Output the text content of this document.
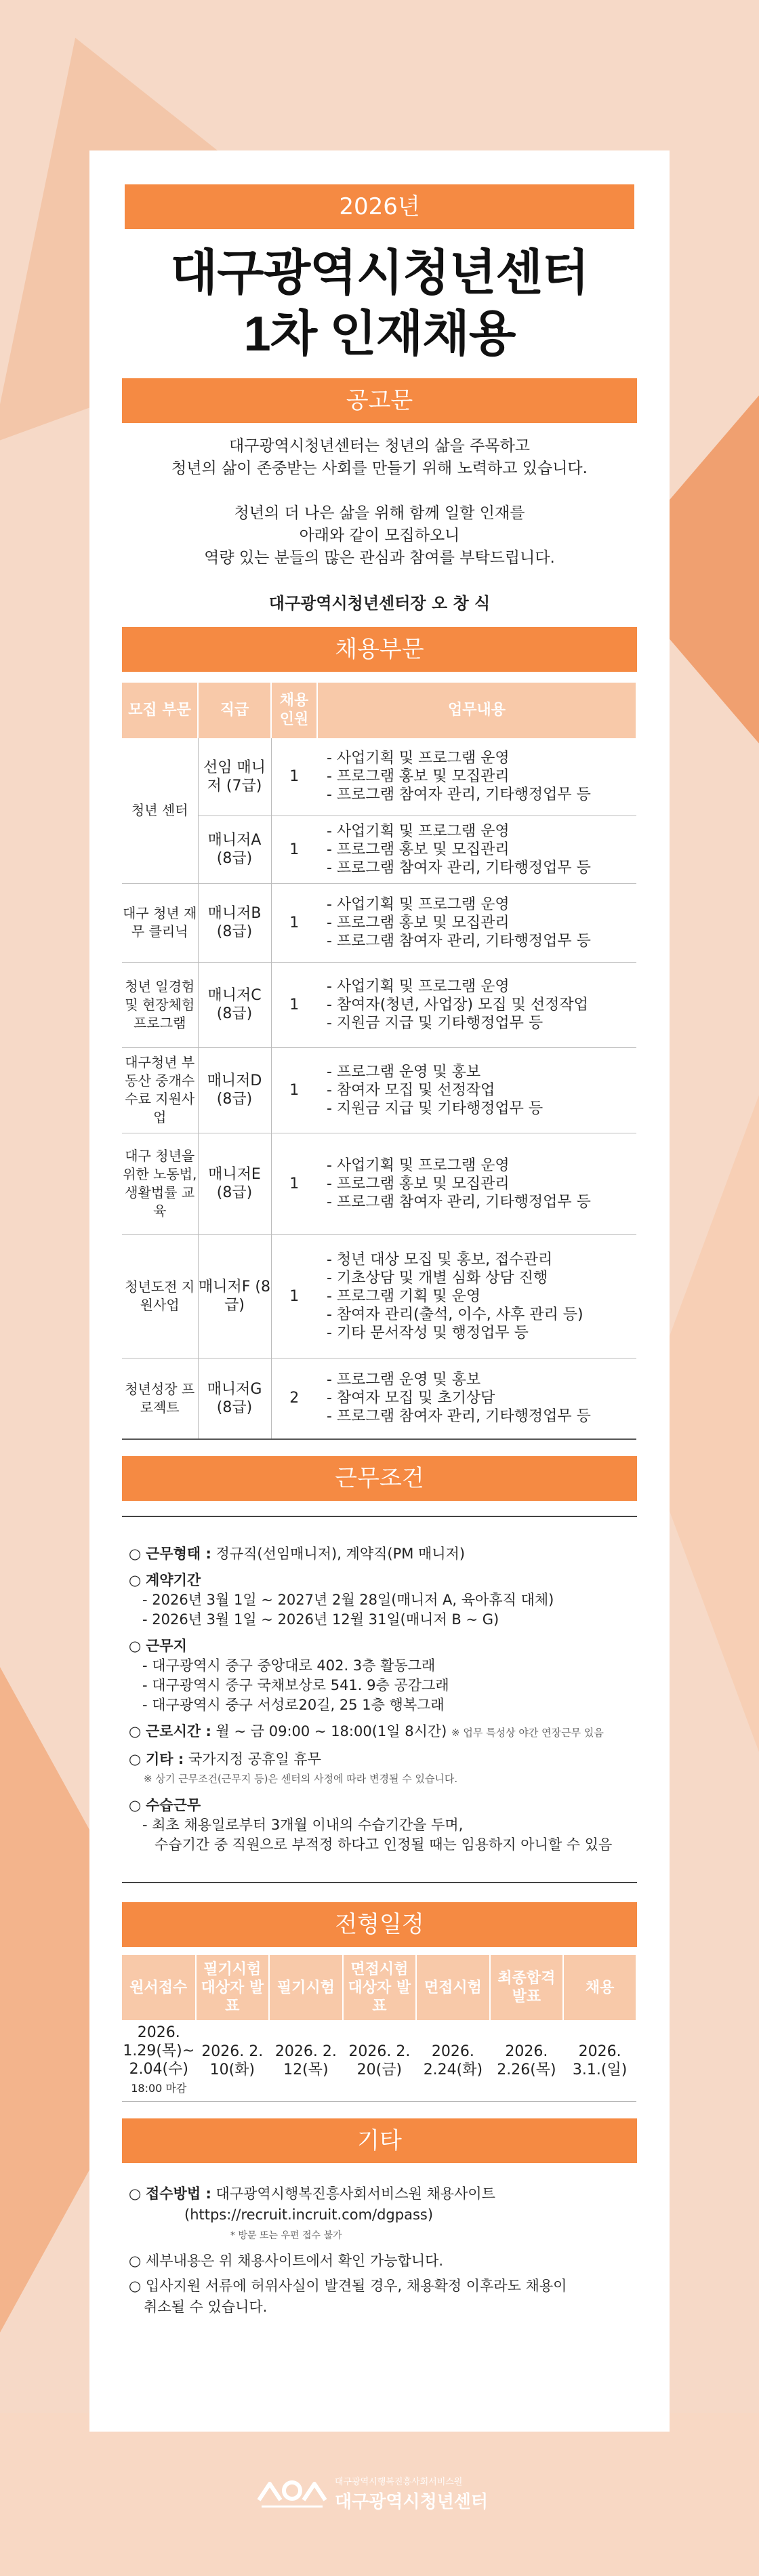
2026년
대구광역시청년센터
1차 인재채용
공고문

대구광역시청년센터는 청년의 삶을 주목하고

청년의 삶이 존중받는 사회를 만들기 위해 노력하고 있습니다.

청년의 더 나은 삶을 위해 함께 일할 인재를

아래와 같이 모집하오니

역량 있는 분들의 많은 관심과 참여를 부탁드립니다.

대구광역시청년센터장 오 창 식
채용부문
모집 부문	직급	채용 인원	업무내용
청년 센터	선임 매니저 (7급)	1	- 사업기획 및 프로그램 운영
- 프로그램 홍보 및 모집관리
- 프로그램 참여자 관리, 기타행정업무 등

	매니저A (8급)	1	- 사업기획 및 프로그램 운영
- 프로그램 홍보 및 모집관리
- 프로그램 참여자 관리, 기타행정업무 등

대구 청년 재무 클리닉	매니저B (8급)	1	- 사업기획 및 프로그램 운영
- 프로그램 홍보 및 모집관리
- 프로그램 참여자 관리, 기타행정업무 등

청년 일경험 및 현장체험 프로그램	매니저C (8급)	1	- 사업기획 및 프로그램 운영
- 참여자(청년, 사업장) 모집 및 선정작업
- 지원금 지급 및 기타행정업무 등

대구청년 부동산 중개수수료 지원사업	매니저D (8급)	1	- 프로그램 운영 및 홍보
- 참여자 모집 및 선정작업
- 지원금 지급 및 기타행정업무 등

대구 청년을 위한 노동법, 생활법률 교육	매니저E (8급)	1	- 사업기획 및 프로그램 운영
- 프로그램 홍보 및 모집관리
- 프로그램 참여자 관리, 기타행정업무 등

청년도전 지원사업	매니저F (8급)	1	- 청년 대상 모집 및 홍보, 접수관리
- 기초상담 및 개별 심화 상담 진행
- 프로그램 기획 및 운영
- 참여자 관리(출석, 이수, 사후 관리 등)
- 기타 문서작성 및 행정업무 등

청년성장 프로젝트	매니저G (8급)	2	- 프로그램 운영 및 홍보
- 참여자 모집 및 초기상담
- 프로그램 참여자 관리, 기타행정업무 등
근무조건
○ 근무형태 : 정규직(선임매니저), 계약직(PM 매니저)
○ 계약기간
- 2026년 3월 1일 ~ 2027년 2월 28일(매니저 A, 육아휴직 대체)
- 2026년 3월 1일 ~ 2026년 12월 31일(매니저 B ~ G)
○ 근무지
- 대구광역시 중구 중앙대로 402. 3층 활동그래
- 대구광역시 중구 국채보상로 541. 9층 공감그래
- 대구광역시 중구 서성로20길, 25 1층 행복그래
○ 근로시간 : 월 ~ 금 09:00 ~ 18:00(1일 8시간) ※ 업무 특성상 야간 연장근무 있음
○ 기타 : 국가지정 공휴일 휴무
※ 상기 근무조건(근무지 등)은 센터의 사정에 따라 변경될 수 있습니다.
○ 수습근무
- 최초 채용일로부터 3개월 이내의 수습기간을 두며,
수습기간 중 직원으로 부적정 하다고 인정될 때는 임용하지 아니할 수 있음
전형일정
원서접수	필기시험 대상자 발표	필기시험	면접시험 대상자 발표	면접시험	최종합격 발표	채용
2026. 1.29(목)~ 2.04(수)
18:00 마감	2026. 2. 10(화)	2026. 2. 12(목)	2026. 2. 20(금)	2026. 2.24(화)	2026. 2.26(목)	2026. 3.1.(일)
기타
○ 접수방법 : 대구광역시행복진흥사회서비스원 채용사이트
(https://recruit.incruit.com/dgpass)
* 방문 또는 우편 접수 불가
○ 세부내용은 위 채용사이트에서 확인 가능합니다.
○ 입사지원 서류에 허위사실이 발견될 경우, 채용확정 이후라도 채용이
취소될 수 있습니다.
대구광역시행복진흥사회서비스원
대구광역시청년센터
